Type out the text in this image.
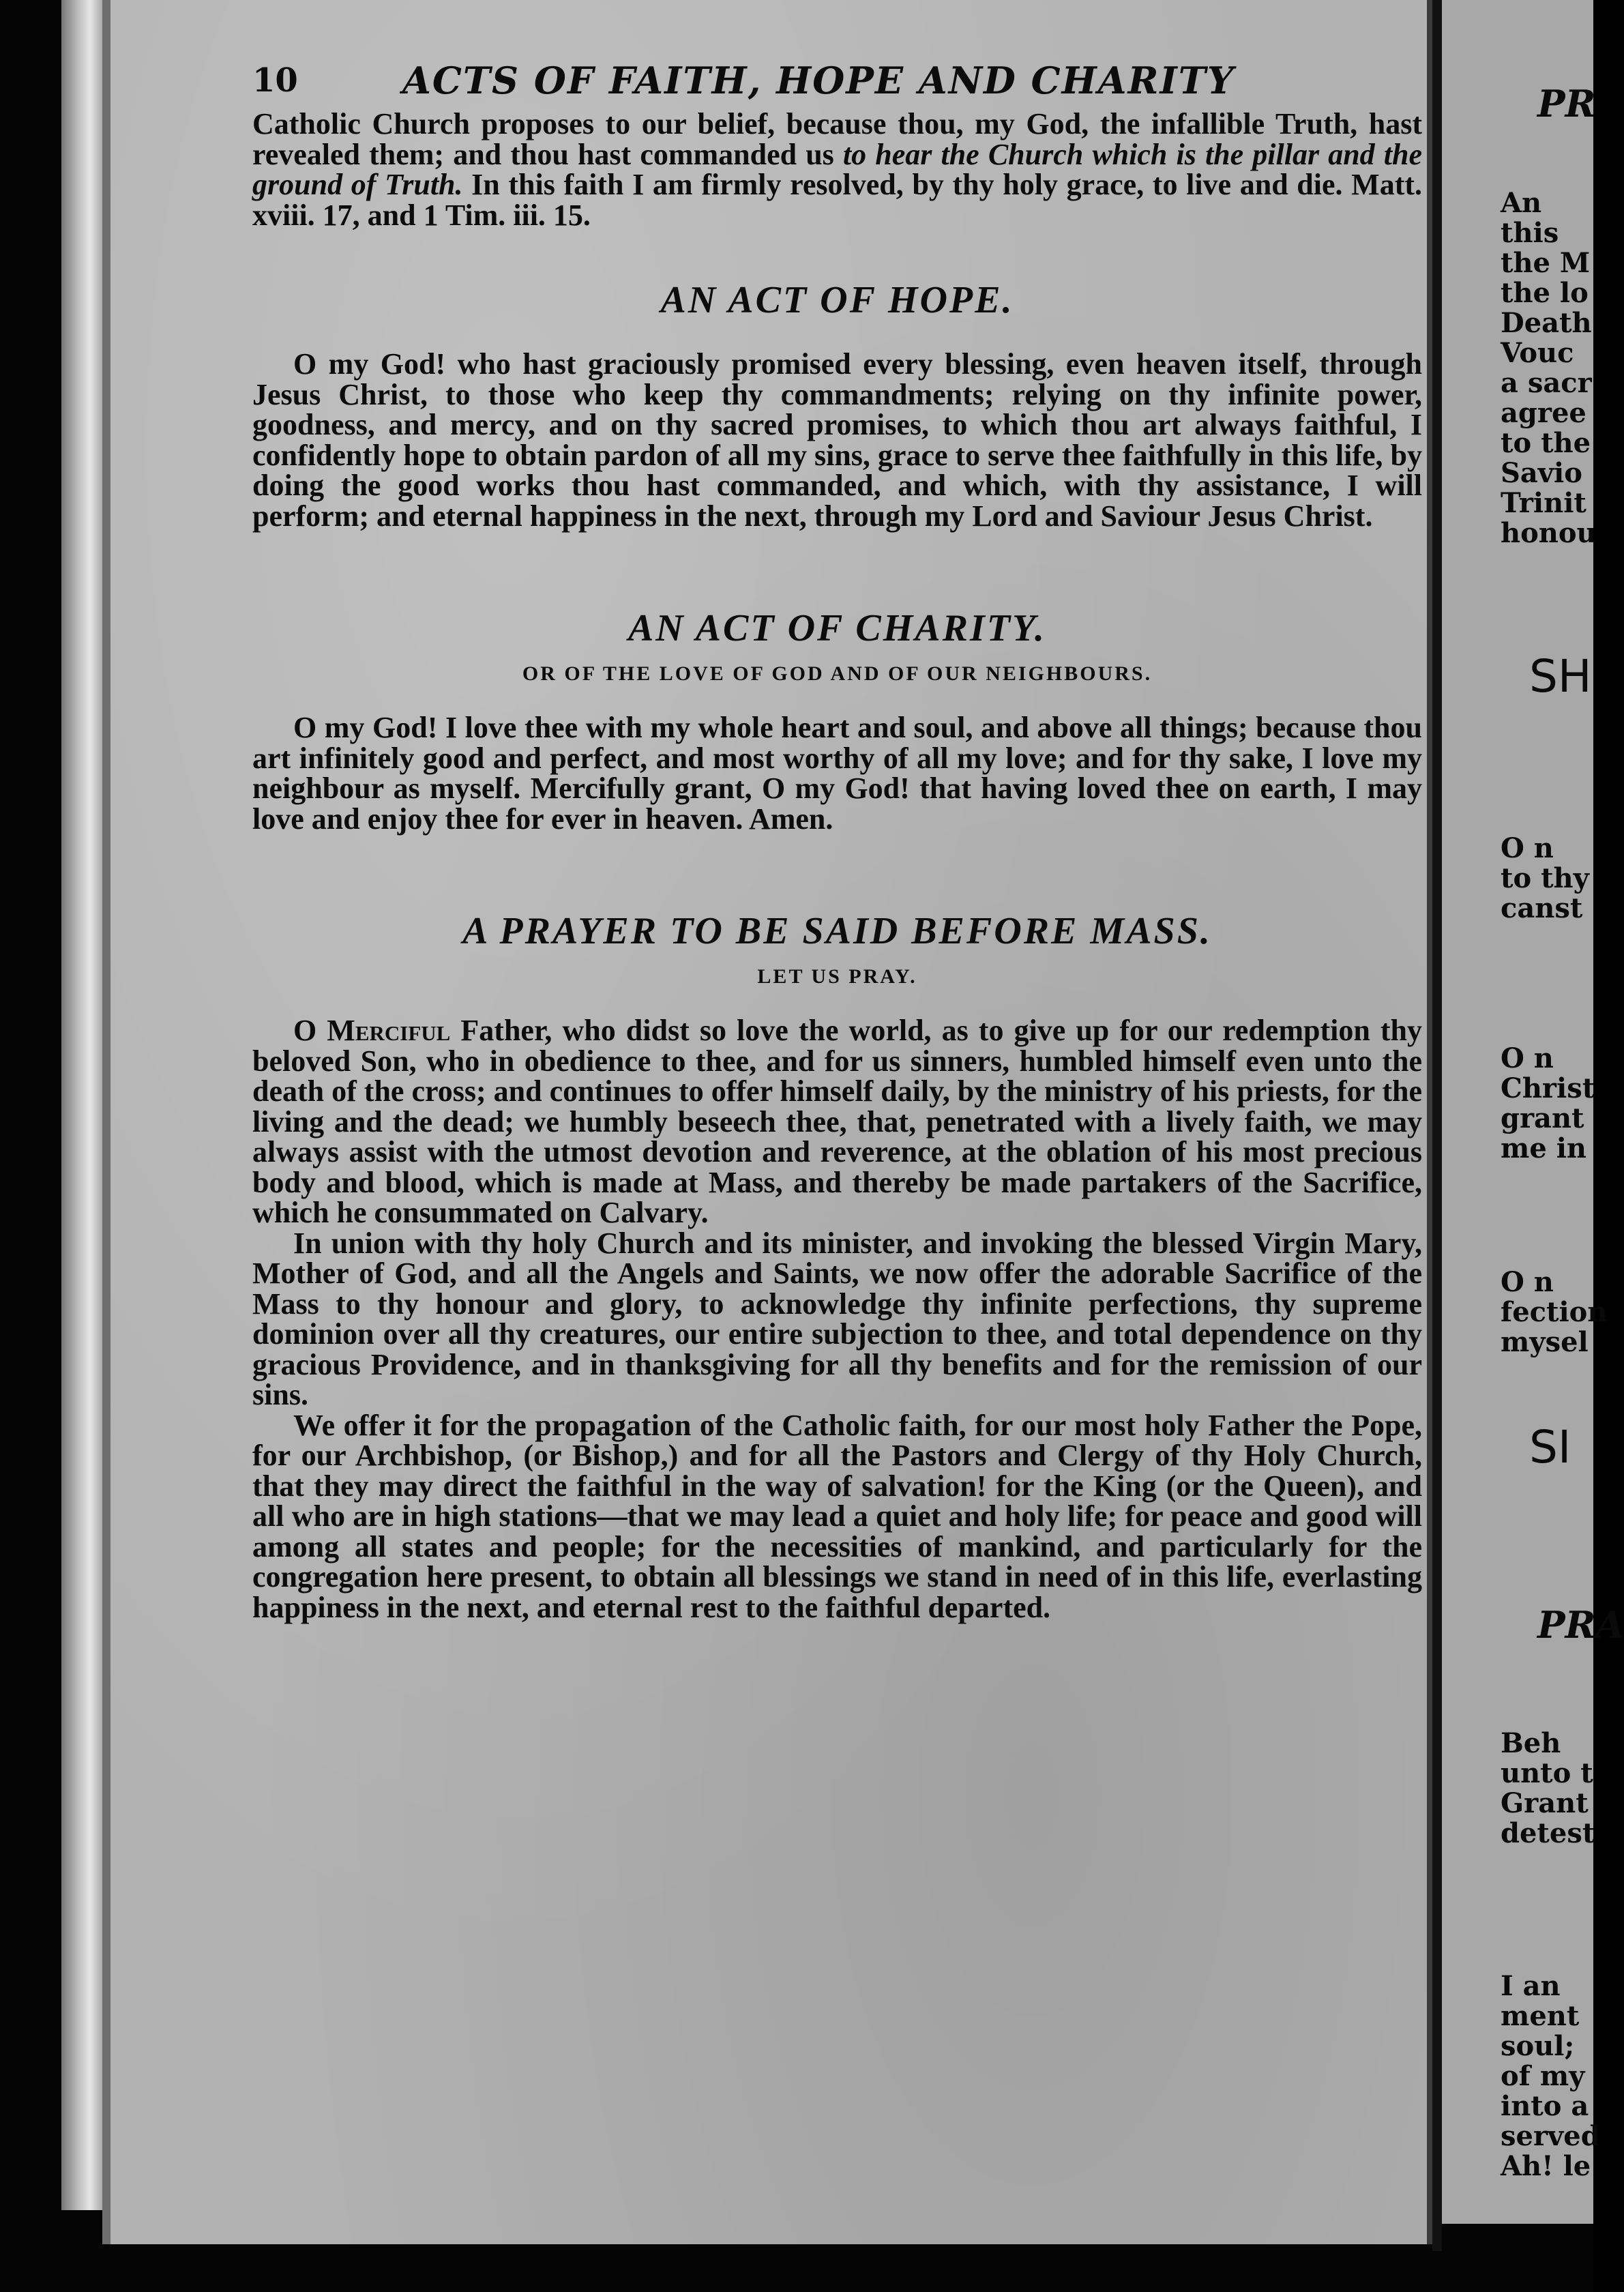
PR
An
this
the M
the lo
Death
Vouc
a sacr
agree
to the
Savio
Trinit
honou
SH
O n
to thy
canst
O n
Christ
grant
me in
O n
fection
mysel
SI
PRA
Beh
unto t
Grant
detest
I an
ment
soul;
of my
into a
served
Ah! le
10	ACTS OF FAITH, HOPE AND CHARITY

Catholic Church proposes to our belief, because thou, my God, the infallible Truth, hast revealed them; and thou hast commanded us to hear the Church which is the pillar and the ground of Truth. In this faith I am firmly resolved, by thy holy grace, to live and die. Matt. xviii. 17, and 1 Tim. iii. 15.

AN ACT OF HOPE.

O my God! who hast graciously promised every blessing, even heaven itself, through Jesus Christ, to those who keep thy commandments; relying on thy infinite power, goodness, and mercy, and on thy sacred promises, to which thou art always faithful, I confidently hope to obtain pardon of all my sins, grace to serve thee faithfully in this life, by doing the good works thou hast commanded, and which, with thy assistance, I will perform; and eternal happiness in the next, through my Lord and Saviour Jesus Christ.

AN ACT OF CHARITY.

OR OF THE LOVE OF GOD AND OF OUR NEIGHBOURS.

O my God! I love thee with my whole heart and soul, and above all things; because thou art infinitely good and perfect, and most worthy of all my love; and for thy sake, I love my neighbour as myself. Mercifully grant, O my God! that having loved thee on earth, I may love and enjoy thee for ever in heaven. Amen.

A PRAYER TO BE SAID BEFORE MASS.

LET US PRAY.

O Merciful Father, who didst so love the world, as to give up for our redemption thy beloved Son, who in obedience to thee, and for us sinners, humbled himself even unto the death of the cross; and continues to offer himself daily, by the ministry of his priests, for the living and the dead; we humbly beseech thee, that, penetrated with a lively faith, we may always assist with the utmost devotion and reverence, at the oblation of his most precious body and blood, which is made at Mass, and thereby be made partakers of the Sacrifice, which he consummated on Calvary.

In union with thy holy Church and its minister, and invoking the blessed Virgin Mary, Mother of God, and all the Angels and Saints, we now offer the adorable Sacrifice of the Mass to thy honour and glory, to acknowledge thy infinite perfections, thy supreme dominion over all thy creatures, our entire subjection to thee, and total dependence on thy gracious Providence, and in thanksgiving for all thy benefits and for the remission of our sins.

We offer it for the propagation of the Catholic faith, for our most holy Father the Pope, for our Archbishop, (or Bishop,) and for all the Pastors and Clergy of thy Holy Church, that they may direct the faithful in the way of salvation! for the King (or the Queen), and all who are in high stations—that we may lead a quiet and holy life; for peace and good will among all states and people; for the necessities of mankind, and particularly for the congregation here present, to obtain all blessings we stand in need of in this life, everlasting happiness in the next, and eternal rest to the faithful departed.
